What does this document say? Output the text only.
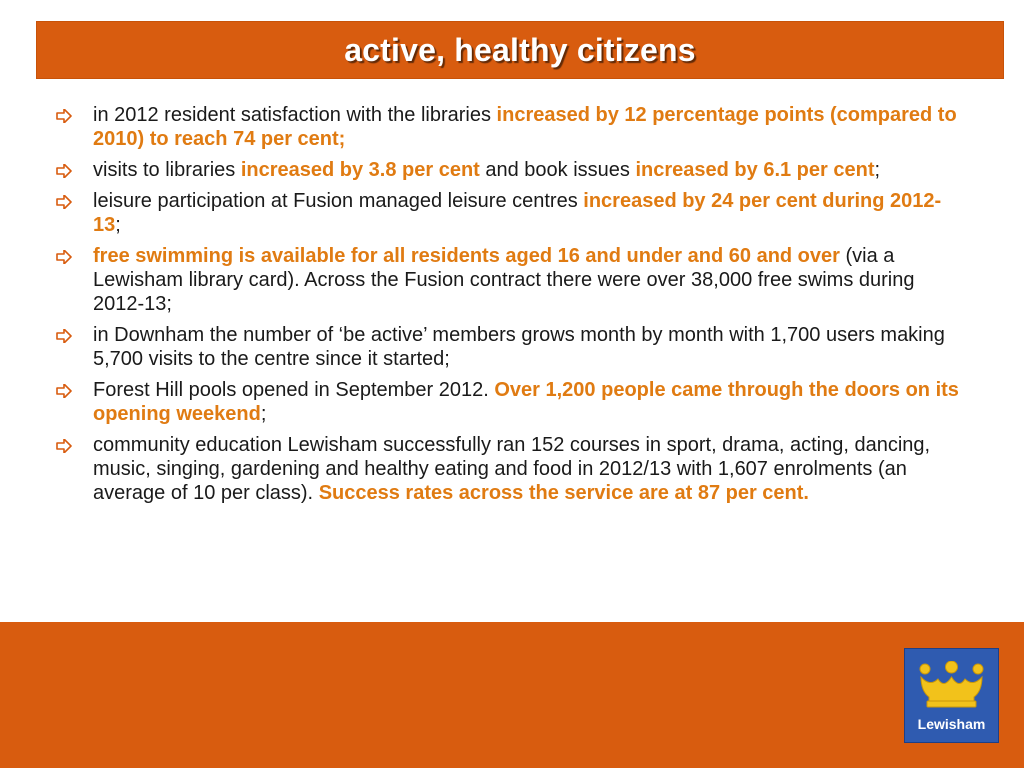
active, healthy citizens
in 2012 resident satisfaction with the libraries increased by 12 percentage points (compared to 2010) to reach 74 per cent;
visits to libraries increased by 3.8 per cent and book issues increased by 6.1 per cent;
leisure participation at Fusion managed leisure centres increased by 24 per cent during 2012-13;
free swimming is available for all residents aged 16 and under and 60 and over (via a Lewisham library card). Across the Fusion contract there were over 38,000 free swims during 2012-13;
in Downham the number of ‘be active’ members grows month by month with 1,700 users making 5,700 visits to the centre since it started;
Forest Hill pools opened in September 2012. Over 1,200 people came through the doors on its opening weekend;
community education Lewisham successfully ran 152 courses in sport, drama, acting, dancing, music, singing, gardening and healthy eating and food in 2012/13 with 1,607 enrolments (an average of 10 per class). Success rates across the service are at 87 per cent.
Lewisham
